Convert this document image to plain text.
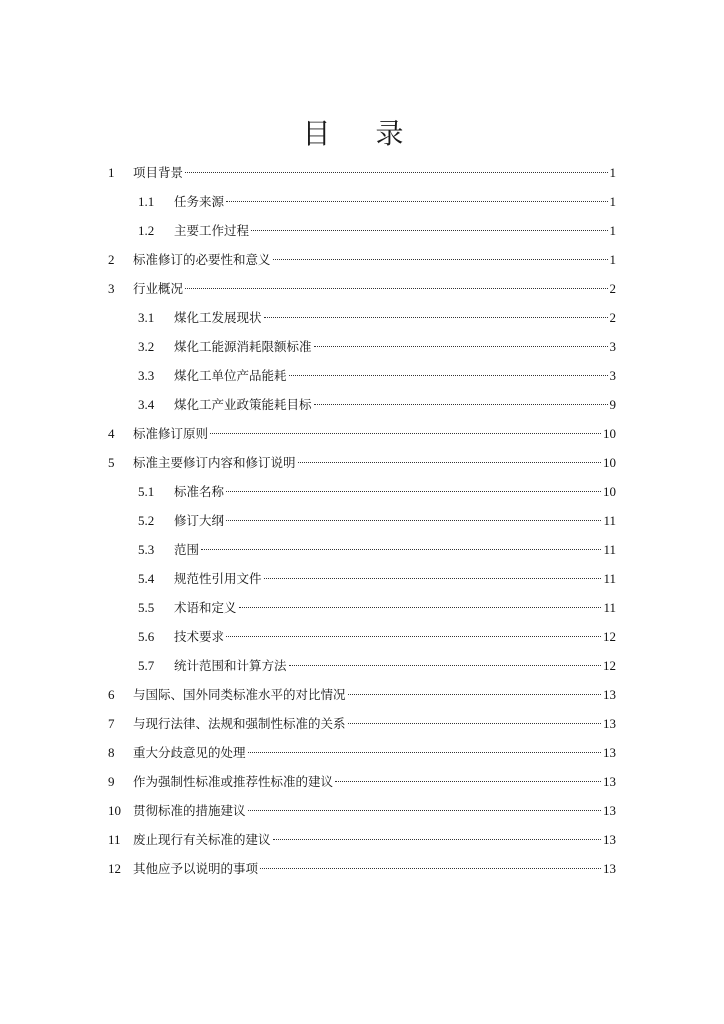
目 录
1	项目背景	1
1.1	任务来源	1
1.2	主要工作过程	1
2	标准修订的必要性和意义	1
3	行业概况	2
3.1	煤化工发展现状	2
3.2	煤化工能源消耗限额标准	3
3.3	煤化工单位产品能耗	3
3.4	煤化工产业政策能耗目标	9
4	标准修订原则	10
5	标准主要修订内容和修订说明	10
5.1	标准名称	10
5.2	修订大纲	11
5.3	范围	11
5.4	规范性引用文件	11
5.5	术语和定义	11
5.6	技术要求	12
5.7	统计范围和计算方法	12
6	与国际、国外同类标准水平的对比情况	13
7	与现行法律、法规和强制性标准的关系	13
8	重大分歧意见的处理	13
9	作为强制性标准或推荐性标准的建议	13
10 贯彻标准的措施建议	13
11 废止现行有关标准的建议	13
12 其他应予以说明的事项	13
